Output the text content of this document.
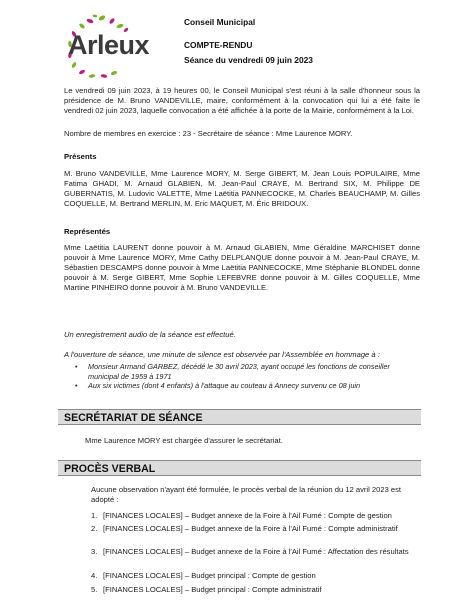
Arleux
Conseil Municipal
COMPTE-RENDU
Séance du vendredi 09 juin 2023
Le vendredi 09 juin 2023, à 19 heures 00, le Conseil Municipal s'est réuni à la salle d'honneur sous la présidence de M. Bruno VANDEVILLE, maire, conformément à la convocation qui lui a été faite le vendredi 02 juin 2023, laquelle convocation a été affichée à la porte de la Mairie, conformément à la Loi.
Nombre de membres en exercice : 23 - Secrétaire de séance : Mme Laurence MORY.
Présents
M. Bruno VANDEVILLE, Mme Laurence MORY, M. Serge GIBERT, M. Jean Louis POPULAIRE, Mme Fatima GHADI, M. Arnaud GLABIEN, M. Jean-Paul CRAYE, M. Bertrand SIX, M. Philippe DE GUBERNATIS, M. Ludovic VALETTE, Mme Laëtitia PANNECOCKE, M. Charles BEAUCHAMP, M. Gilles COQUELLE, M. Bertrand MERLIN, M. Eric MAQUET, M. Éric BRIDOUX.
Représentés
Mme Laëtitia LAURENT donne pouvoir à M. Arnaud GLABIEN, Mme Géraldine MARCHISET donne pouvoir à Mme Laurence MORY, Mme Cathy DELPLANQUE donne pouvoir à M. Jean-Paul CRAYE, M. Sébastien DESCAMPS donne pouvoir à Mme Laëtitia PANNECOCKE, Mme Stéphanie BLONDEL donne pouvoir à M. Serge GIBERT, Mme Sophie LEFEBVRE donne pouvoir à M. Gilles COQUELLE, Mme Martine PINHEIRO donne pouvoir à M. Bruno VANDEVILLE.
Un enregistrement audio de la séance est effectué.
A l'ouverture de séance, une minute de silence est observée par l'Assemblée en hommage à :
• Monsieur Armand GARBEZ, décédé le 30 avril 2023, ayant occupé les fonctions de conseiller municipal de 1959 à 1971
• Aux six victimes (dont 4 enfants) à l'attaque au couteau à Annecy survenu ce 08 juin
SECRÉTARIAT DE SÉANCE
Mme Laurence MORY est chargée d'assurer le secrétariat.
PROCÈS VERBAL
Aucune observation n'ayant été formulée, le procès verbal de la réunion du 12 avril 2023 est adopté :
1. [FINANCES LOCALES] – Budget annexe de la Foire à l'Ail Fumé : Compte de gestion
2. [FINANCES LOCALES] – Budget annexe de la Foire à l'Ail Fumé : Compte administratif
3. [FINANCES LOCALES] – Budget annexe de la Foire à l'Ail Fumé : Affectation des résultats
4. [FINANCES LOCALES] – Budget principal : Compte de gestion
5. [FINANCES LOCALES] – Budget principal : Compte administratif
